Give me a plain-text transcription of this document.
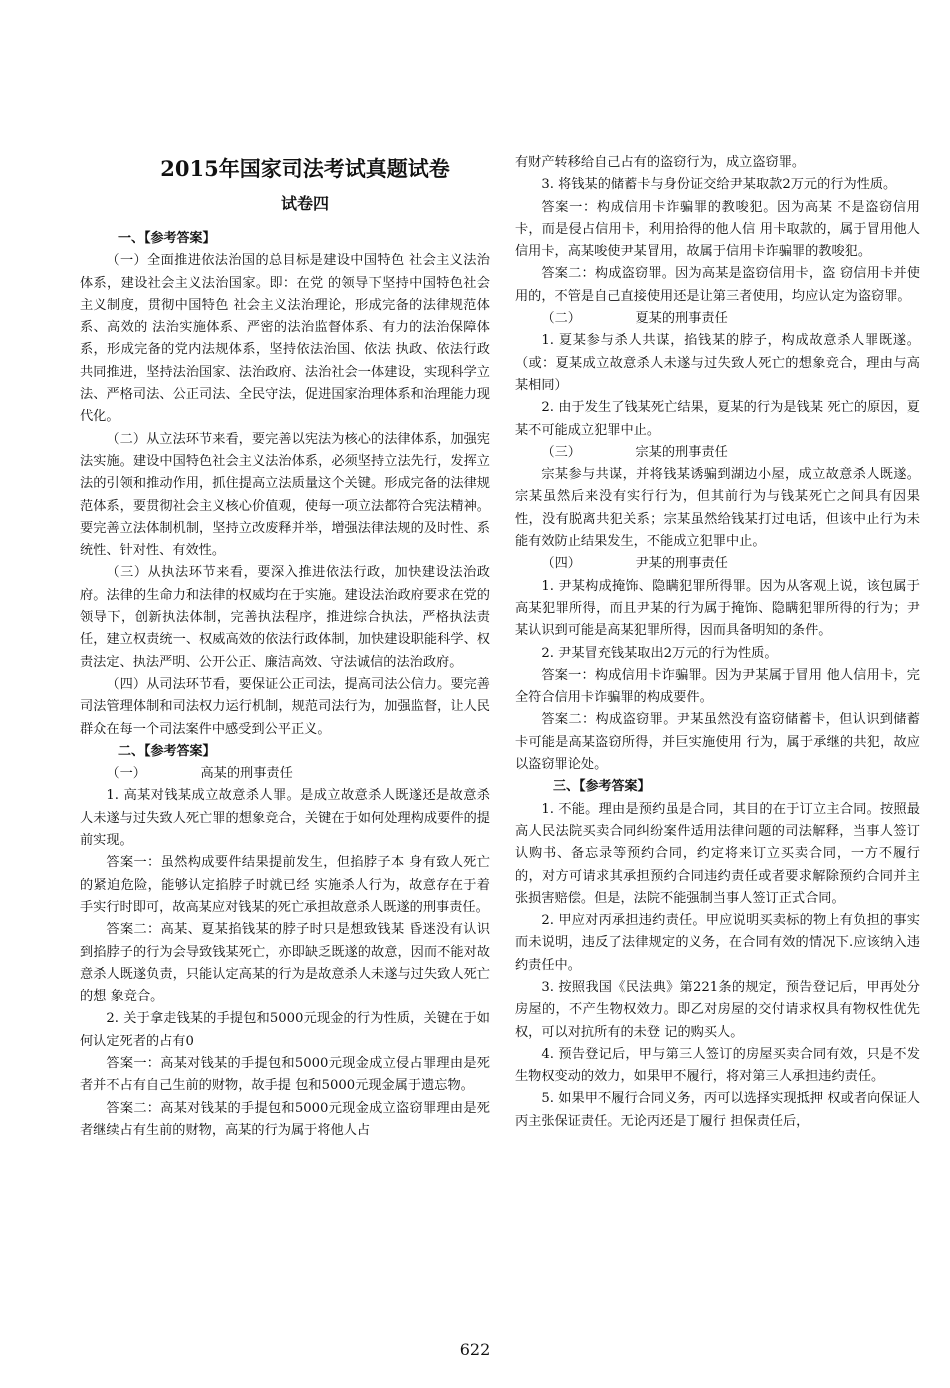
2015年国家司法考试真题试卷
试卷四
一、【参考答案】

（一）全面推进依法治国的总目标是建设中国特色 社会主义法治体系，建设社会主义法治国家。即：在党 的领导下坚持中国特色社会主义制度，贯彻中国特色 社会主义法治理论，形成完备的法律规范体系、高效的 法治实施体系、严密的法治监督体系、有力的法治保障体系，形成完备的党内法规体系，坚持依法治国、依法 执政、依法行政共同推进，坚持法治国家、法治政府、法治社会一体建设，实现科学立法、严格司法、公正司法、全民守法，促进国家治理体系和治理能力现代化。

（二）从立法环节来看，要完善以宪法为核心的法律体系，加强宪法实施。建设中国特色社会主义法治体系，必须坚持立法先行，发挥立法的引领和推动作用，抓住提高立法质量这个关键。形成完备的法律规范体系，要贯彻社会主义核心价值观，使每一项立法都符合宪法精神。要完善立法体制机制，坚持立改废释并举，增强法律法规的及时性、系统性、针对性、有效性。

（三）从执法环节来看，要深入推进依法行政，加快建设法治政府。法律的生命力和法律的权威均在于实施。建设法治政府要求在党的领导下，创新执法体制，完善执法程序，推进综合执法，严格执法责任，建立权责统一、权威高效的依法行政体制，加快建设职能科学、权责法定、执法严明、公开公正、廉洁高效、守法诚信的法治政府。

（四）从司法环节看，要保证公正司法，提高司法公信力。要完善司法管理体制和司法权力运行机制，规范司法行为，加强监督，让人民群众在每一个司法案件中感受到公平正义。

二、【参考答案】
（一）             高某的刑事责任

1. 高某对钱某成立故意杀人罪。是成立故意杀人既遂还是故意杀人未遂与过失致人死亡罪的想象竞合，关键在于如何处理构成要件的提前实现。

答案一：虽然构成要件结果提前发生，但掐脖子本 身有致人死亡的紧迫危险，能够认定掐脖子时就已经 实施杀人行为，故意存在于着手实行时即可，故高某应对钱某的死亡承担故意杀人既遂的刑事责任。

答案二：高某、夏某掐钱某的脖子时只是想致钱某 昏迷没有认识到掐脖子的行为会导致钱某死亡，亦即缺乏既遂的故意，因而不能对故意杀人既遂负责，只能认定高某的行为是故意杀人未遂与过失致人死亡的想 象竞合。

2. 关于拿走钱某的手提包和5000元现金的行为性质，关键在于如何认定死者的占有0

答案一：高某对钱某的手提包和5000元现金成立侵占罪理由是死者并不占有自己生前的财物，故手提 包和5000元现金属于遗忘物。

答案二：高某对钱某的手提包和5000元现金成立盗窃罪理由是死者继续占有生前的财物，高某的行为属于将他人占

有财产转移给自己占有的盗窃行为，成立盗窃罪。

3. 将钱某的储蓄卡与身份证交给尹某取款2万元的行为性质。

答案一：构成信用卡诈骗罪的教唆犯。因为高某 不是盗窃信用卡，而是侵占信用卡，利用拾得的他人信 用卡取款的，属于冒用他人信用卡，高某唆使尹某冒用，故属于信用卡诈骗罪的教唆犯。

答案二：构成盗窃罪。因为高某是盗窃信用卡，盗 窃信用卡并使用的，不管是自己直接使用还是让第三者使用，均应认定为盗窃罪。

（二）             夏某的刑事责任

1. 夏某参与杀人共谋，掐钱某的脖子，构成故意杀人罪既遂。（或：夏某成立故意杀人未遂与过失致人死亡的想象竞合，理由与高某相同）

2. 由于发生了钱某死亡结果，夏某的行为是钱某 死亡的原因，夏某不可能成立犯罪中止。

（三）             宗某的刑事责任

宗某参与共谋，并将钱某诱骗到湖边小屋，成立故意杀人既遂。宗某虽然后来没有实行行为，但其前行为与钱某死亡之间具有因果性，没有脱离共犯关系；宗某虽然给钱某打过电话，但该中止行为未能有效防止结果发生，不能成立犯罪中止。

（四）             尹某的刑事责任

1. 尹某构成掩饰、隐瞒犯罪所得罪。因为从客观上说，该包属于高某犯罪所得，而且尹某的行为属于掩饰、隐瞒犯罪所得的行为；尹某认识到可能是高某犯罪所得，因而具备明知的条件。

2. 尹某冒充钱某取出2万元的行为性质。

答案一：构成信用卡诈骗罪。因为尹某属于冒用 他人信用卡，完全符合信用卡诈骗罪的构成要件。

答案二：构成盗窃罪。尹某虽然没有盗窃储蓄卡，但认识到储蓄卡可能是高某盗窃所得，并巨实施使用 行为，属于承继的共犯，故应以盗窃罪论处。

三、【参考答案】

1. 不能。理由是预约虽是合同，其目的在于订立主合同。按照最高人民法院买卖合同纠纷案件适用法律问题的司法解释，当事人签订认购书、备忘录等预约合同，约定将来订立买卖合同，一方不履行的，对方可请求其承担预约合同违约责任或者要求解除预约合同并主张损害赔偿。但是，法院不能强制当事人签订正式合同。

2. 甲应对丙承担违约责任。甲应说明买卖标的物上有负担的事实而未说明，违反了法律规定的义务，在合同有效的情况下.应该纳入违约责任中。

3. 按照我国《民法典》第221条的规定，预告登记后，甲再处分房屋的，不产生物权效力。即乙对房屋的交付请求权具有物权性优先权，可以对抗所有的未登 记的购买人。

4. 预告登记后，甲与第三人签订的房屋买卖合同有效，只是不发生物权变动的效力，如果甲不履行，将对第三人承担违约责任。

5. 如果甲不履行合同义务，丙可以选择实现抵押 权或者向保证人丙主张保证责任。无论丙还是丁履行 担保责任后，

622
